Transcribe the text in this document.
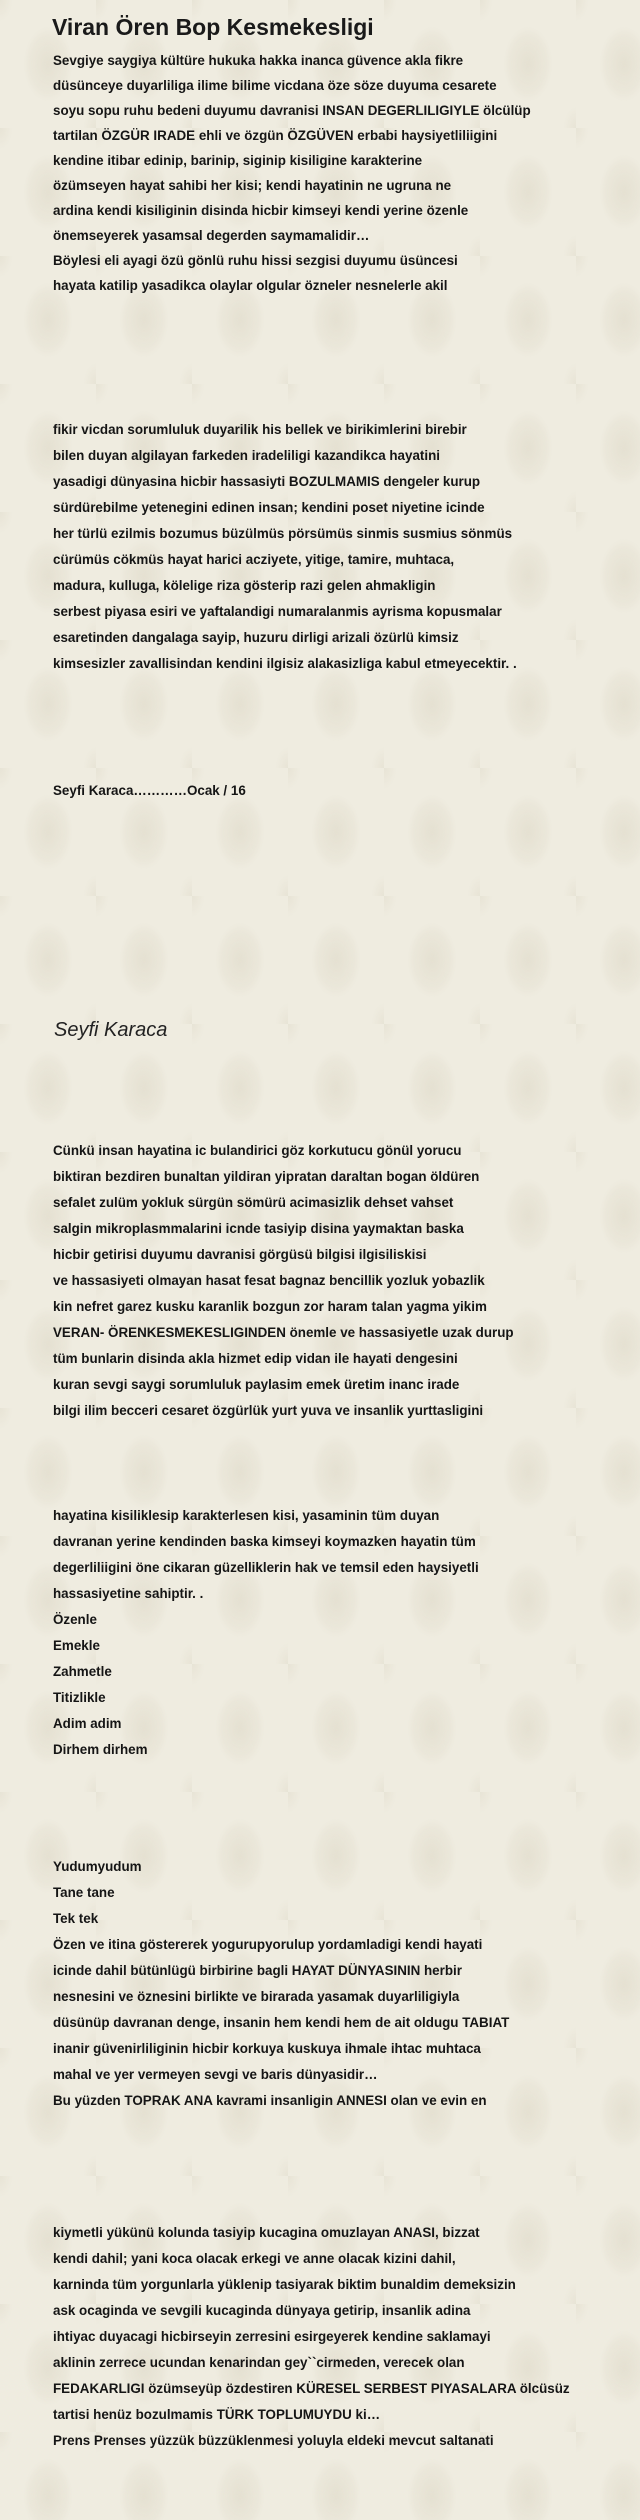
Viran Ören Bop Kesmekesligi
Sevgiye saygiya kültüre hukuka hakka inanca güvence akla fikre
düsünceye duyarliliga ilime bilime vicdana öze söze duyuma cesarete
soyu sopu ruhu bedeni duyumu davranisi INSAN DEGERLILIGIYLE ölcülüp
tartilan ÖZGÜR IRADE ehli ve özgün ÖZGÜVEN erbabi haysiyetliliigini
kendine itibar edinip, barinip, siginip kisiligine karakterine
özümseyen hayat sahibi her kisi; kendi hayatinin ne ugruna ne
ardina kendi kisiliginin disinda hicbir kimseyi kendi yerine özenle
önemseyerek yasamsal degerden saymamalidir…
Böylesi eli ayagi özü gönlü ruhu hissi sezgisi duyumu üsüncesi
hayata katilip yasadikca olaylar olgular özneler nesnelerle akil
fikir vicdan sorumluluk duyarilik his bellek ve birikimlerini birebir
bilen duyan algilayan farkeden iradeliligi kazandikca hayatini
yasadigi dünyasina hicbir hassasiyti BOZULMAMIS dengeler kurup
sürdürebilme yetenegini edinen insan; kendini poset niyetine icinde
her türlü ezilmis bozumus büzülmüs pörsümüs sinmis susmius sönmüs
cürümüs cökmüs hayat harici acziyete, yitige, tamire, muhtaca,
madura, kulluga, kölelige riza gösterip razi gelen ahmakligin
serbest piyasa esiri ve yaftalandigi numaralanmis ayrisma kopusmalar
esaretinden dangalaga sayip, huzuru dirligi arizali özürlü kimsiz
kimsesizler zavallisindan kendini ilgisiz alakasizliga kabul etmeyecektir. .
Seyfi Karaca…………Ocak / 16
Cünkü insan hayatina ic bulandirici göz korkutucu gönül yorucu
biktiran bezdiren bunaltan yildiran yipratan daraltan bogan öldüren
sefalet zulüm yokluk sürgün sömürü acimasizlik dehset vahset
salgin mikroplasmmalarini icnde tasiyip disina yaymaktan baska
hicbir getirisi duyumu davranisi görgüsü bilgisi ilgisiliskisi
ve hassasiyeti olmayan hasat fesat bagnaz bencillik yozluk yobazlik
kin nefret garez kusku karanlik bozgun zor haram talan yagma yikim
VERAN- ÖRENKESMEKESLIGINDEN önemle ve hassasiyetle uzak durup
tüm bunlarin disinda akla hizmet edip vidan ile hayati dengesini
kuran sevgi saygi sorumluluk paylasim emek üretim inanc irade
bilgi ilim becceri cesaret özgürlük yurt yuva ve insanlik yurttasligini
hayatina kisiliklesip karakterlesen kisi, yasaminin tüm duyan
davranan yerine kendinden baska kimseyi koymazken hayatin tüm
degerliliigini öne cikaran güzelliklerin hak ve temsil eden haysiyetli
hassasiyetine sahiptir. .
Özenle
Emekle
Zahmetle
Titizlikle
Adim adim
Dirhem dirhem
Yudumyudum
Tane tane
Tek tek
Özen ve itina göstererek yogurupyorulup yordamladigi kendi hayati
icinde dahil bütünlügü birbirine bagli HAYAT DÜNYASININ herbir
nesnesini ve öznesini birlikte ve birarada yasamak duyarliligiyla
düsünüp davranan denge, insanin hem kendi hem de ait oldugu TABIAT
inanir güvenirliliginin hicbir korkuya kuskuya ihmale ihtac muhtaca
mahal ve yer vermeyen sevgi ve baris dünyasidir…
Bu yüzden TOPRAK ANA kavrami insanligin ANNESI olan ve evin en
kiymetli yükünü kolunda tasiyip kucagina omuzlayan ANASI, bizzat
kendi dahil; yani koca olacak erkegi ve anne olacak kizini dahil,
karninda tüm yorgunlarla yüklenip tasiyarak biktim bunaldim demeksizin
ask ocaginda ve sevgili kucaginda dünyaya getirip, insanlik adina
ihtiyac duyacagi hicbirseyin zerresini esirgeyerek kendine saklamayi
aklinin zerrece ucundan kenarindan gey``cirmeden, verecek olan
FEDAKARLIGI özümseyüp özdestiren KÜRESEL SERBEST PIYASALARA ölcüsüz
tartisi henüz bozulmamis TÜRK TOPLUMUYDU ki…
Prens Prenses yüzzük büzzüklenmesi yoluyla eldeki mevcut saltanati
Seyfi Karaca
